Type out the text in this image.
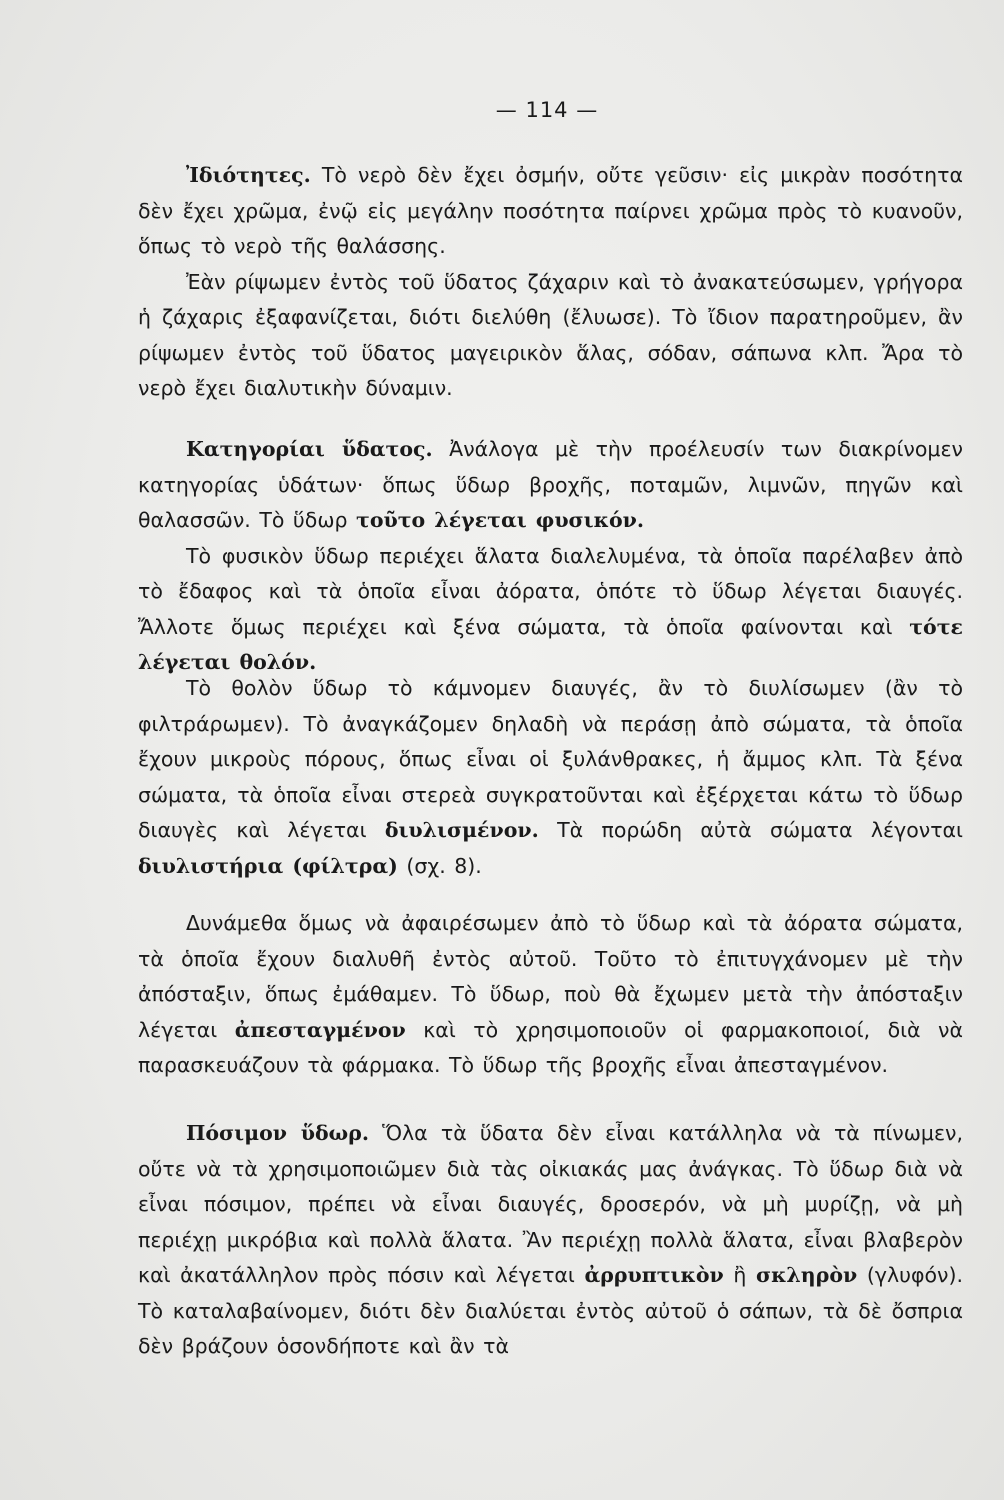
— 114 —

Ἰδιότητες. Τὸ νερὸ δὲν ἔχει ὀσμήν, οὔτε γεῦσιν· εἰς μικρὰν ποσότητα δὲν ἔχει χρῶμα, ἐνῷ εἰς μεγάλην ποσότητα παίρνει χρῶμα πρὸς τὸ κυανοῦν, ὅπως τὸ νερὸ τῆς θαλάσσης.

Ἐὰν ρίψωμεν ἐντὸς τοῦ ὕδατος ζάχαριν καὶ τὸ ἀνακατεύσωμεν, γρήγορα ἡ ζάχαρις ἐξαφανίζεται, διότι διελύθη (ἔλυωσε). Τὸ ἴδιον παρατηροῦμεν, ἂν ρίψωμεν ἐντὸς τοῦ ὕδατος μαγειρικὸν ἅλας, σόδαν, σάπωνα κλπ. Ἄρα τὸ νερὸ ἔχει διαλυτικὴν δύναμιν.

Κατηγορίαι ὕδατος. Ἀνάλογα μὲ τὴν προέλευσίν των διακρίνομεν κατηγορίας ὑδάτων· ὅπως ὕδωρ βροχῆς, ποταμῶν, λιμνῶν, πηγῶν καὶ θαλασσῶν. Τὸ ὕδωρ τοῦτο λέγεται φυσικόν.

Τὸ φυσικὸν ὕδωρ περιέχει ἅλατα διαλελυμένα, τὰ ὁποῖα παρέλαβεν ἀπὸ τὸ ἔδαφος καὶ τὰ ὁποῖα εἶναι ἀόρατα, ὁπότε τὸ ὕδωρ λέγεται διαυγές. Ἄλλοτε ὅμως περιέχει καὶ ξένα σώματα, τὰ ὁποῖα φαίνονται καὶ τότε λέγεται θολόν.

Τὸ θολὸν ὕδωρ τὸ κάμνομεν διαυγές, ἂν τὸ διυλίσωμεν (ἂν τὸ φιλτράρωμεν). Τὸ ἀναγκάζομεν δηλαδὴ νὰ περάσῃ ἀπὸ σώματα, τὰ ὁποῖα ἔχουν μικροὺς πόρους, ὅπως εἶναι οἱ ξυλάνθρακες, ἡ ἄμμος κλπ. Τὰ ξένα σώματα, τὰ ὁποῖα εἶναι στερεὰ συγκρατοῦνται καὶ ἐξέρχεται κάτω τὸ ὕδωρ διαυγὲς καὶ λέγεται διυλισμένον. Τὰ πορώδη αὐτὰ σώματα λέγονται διυλιστήρια (φίλτρα) (σχ. 8).

Δυνάμεθα ὅμως νὰ ἀφαιρέσωμεν ἀπὸ τὸ ὕδωρ καὶ τὰ ἀόρατα σώματα, τὰ ὁποῖα ἔχουν διαλυθῆ ἐντὸς αὐτοῦ. Τοῦτο τὸ ἐπιτυγχάνομεν μὲ τὴν ἀπόσταξιν, ὅπως ἐμάθαμεν. Τὸ ὕδωρ, ποὺ θὰ ἔχωμεν μετὰ τὴν ἀπόσταξιν λέγεται ἀπεσταγμένον καὶ τὸ χρησιμοποιοῦν οἱ φαρμακοποιοί, διὰ νὰ παρασκευάζουν τὰ φάρμακα. Τὸ ὕδωρ τῆς βροχῆς εἶναι ἀπεσταγμένον.

Πόσιμον ὕδωρ. Ὅλα τὰ ὕδατα δὲν εἶναι κατάλληλα νὰ τὰ πίνωμεν, οὔτε νὰ τὰ χρησιμοποιῶμεν διὰ τὰς οἰκιακάς μας ἀνάγκας. Τὸ ὕδωρ διὰ νὰ εἶναι πόσιμον, πρέπει νὰ εἶναι διαυγές, δροσερόν, νὰ μὴ μυρίζῃ, νὰ μὴ περιέχῃ μικρόβια καὶ πολλὰ ἅλατα. Ἂν περιέχῃ πολλὰ ἅλατα, εἶναι βλαβερὸν καὶ ἀκατάλληλον πρὸς πόσιν καὶ λέγεται ἀρρυπτικὸν ἢ σκληρὸν (γλυφόν). Τὸ καταλαβαίνομεν, διότι δὲν διαλύεται ἐντὸς αὐτοῦ ὁ σάπων, τὰ δὲ ὄσπρια δὲν βράζουν ὁσονδήποτε καὶ ἂν τὰ
